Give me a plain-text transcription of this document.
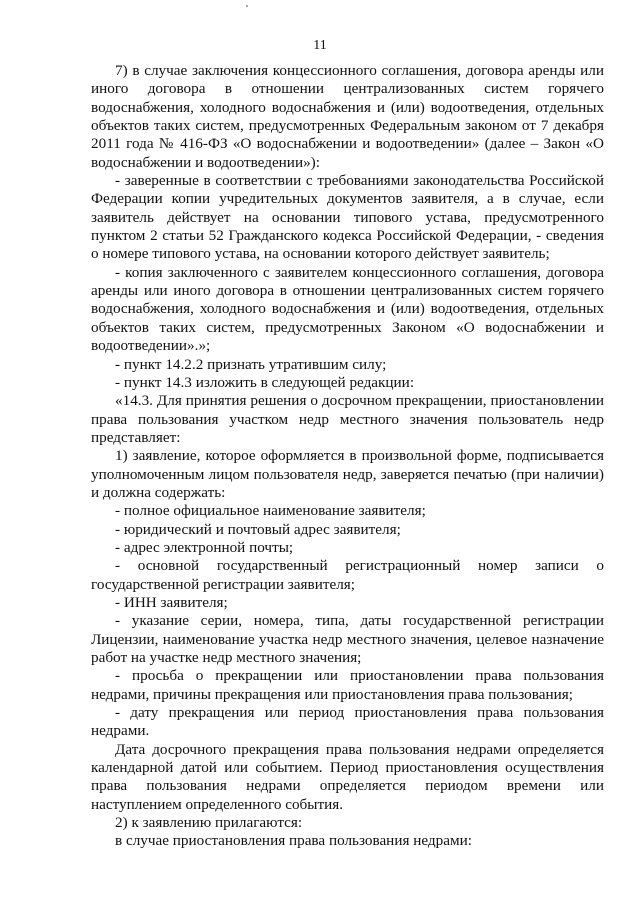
11

7) в случае заключения концессионного соглашения, договора аренды или иного договора в отношении централизованных систем горячего водоснабжения, холодного водоснабжения и (или) водоотведения, отдельных объектов таких систем, предусмотренных Федеральным законом от 7 декабря 2011 года № 416-ФЗ «О водоснабжении и водоотведении» (далее – Закон «О водоснабжении и водоотведении»):

- заверенные в соответствии с требованиями законодательства Российской Федерации копии учредительных документов заявителя, а в случае, если заявитель действует на основании типового устава, предусмотренного пунктом 2 статьи 52 Гражданского кодекса Российской Федерации, - сведения о номере типового устава, на основании которого действует заявитель;

- копия заключенного с заявителем концессионного соглашения, договора аренды или иного договора в отношении централизованных систем горячего водоснабжения, холодного водоснабжения и (или) водоотведения, отдельных объектов таких систем, предусмотренных Законом «О водоснабжении и водоотведении».»;

- пункт 14.2.2 признать утратившим силу;

- пункт 14.3 изложить в следующей редакции:

«14.3. Для принятия решения о досрочном прекращении, приостановлении права пользования участком недр местного значения пользователь недр представляет:

1) заявление, которое оформляется в произвольной форме, подписывается уполномоченным лицом пользователя недр, заверяется печатью (при наличии) и должна содержать:

- полное официальное наименование заявителя;

- юридический и почтовый адрес заявителя;

- адрес электронной почты;

- основной государственный регистрационный номер записи о государственной регистрации заявителя;

- ИНН заявителя;

- указание серии, номера, типа, даты государственной регистрации Лицензии, наименование участка недр местного значения, целевое назначение работ на участке недр местного значения;

- просьба о прекращении или приостановлении права пользования недрами, причины прекращения или приостановления права пользования;

- дату прекращения или период приостановления права пользования недрами.

Дата досрочного прекращения права пользования недрами определяется календарной датой или событием. Период приостановления осуществления права пользования недрами определяется периодом времени или наступлением определенного события.

2) к заявлению прилагаются:

в случае приостановления права пользования недрами:
